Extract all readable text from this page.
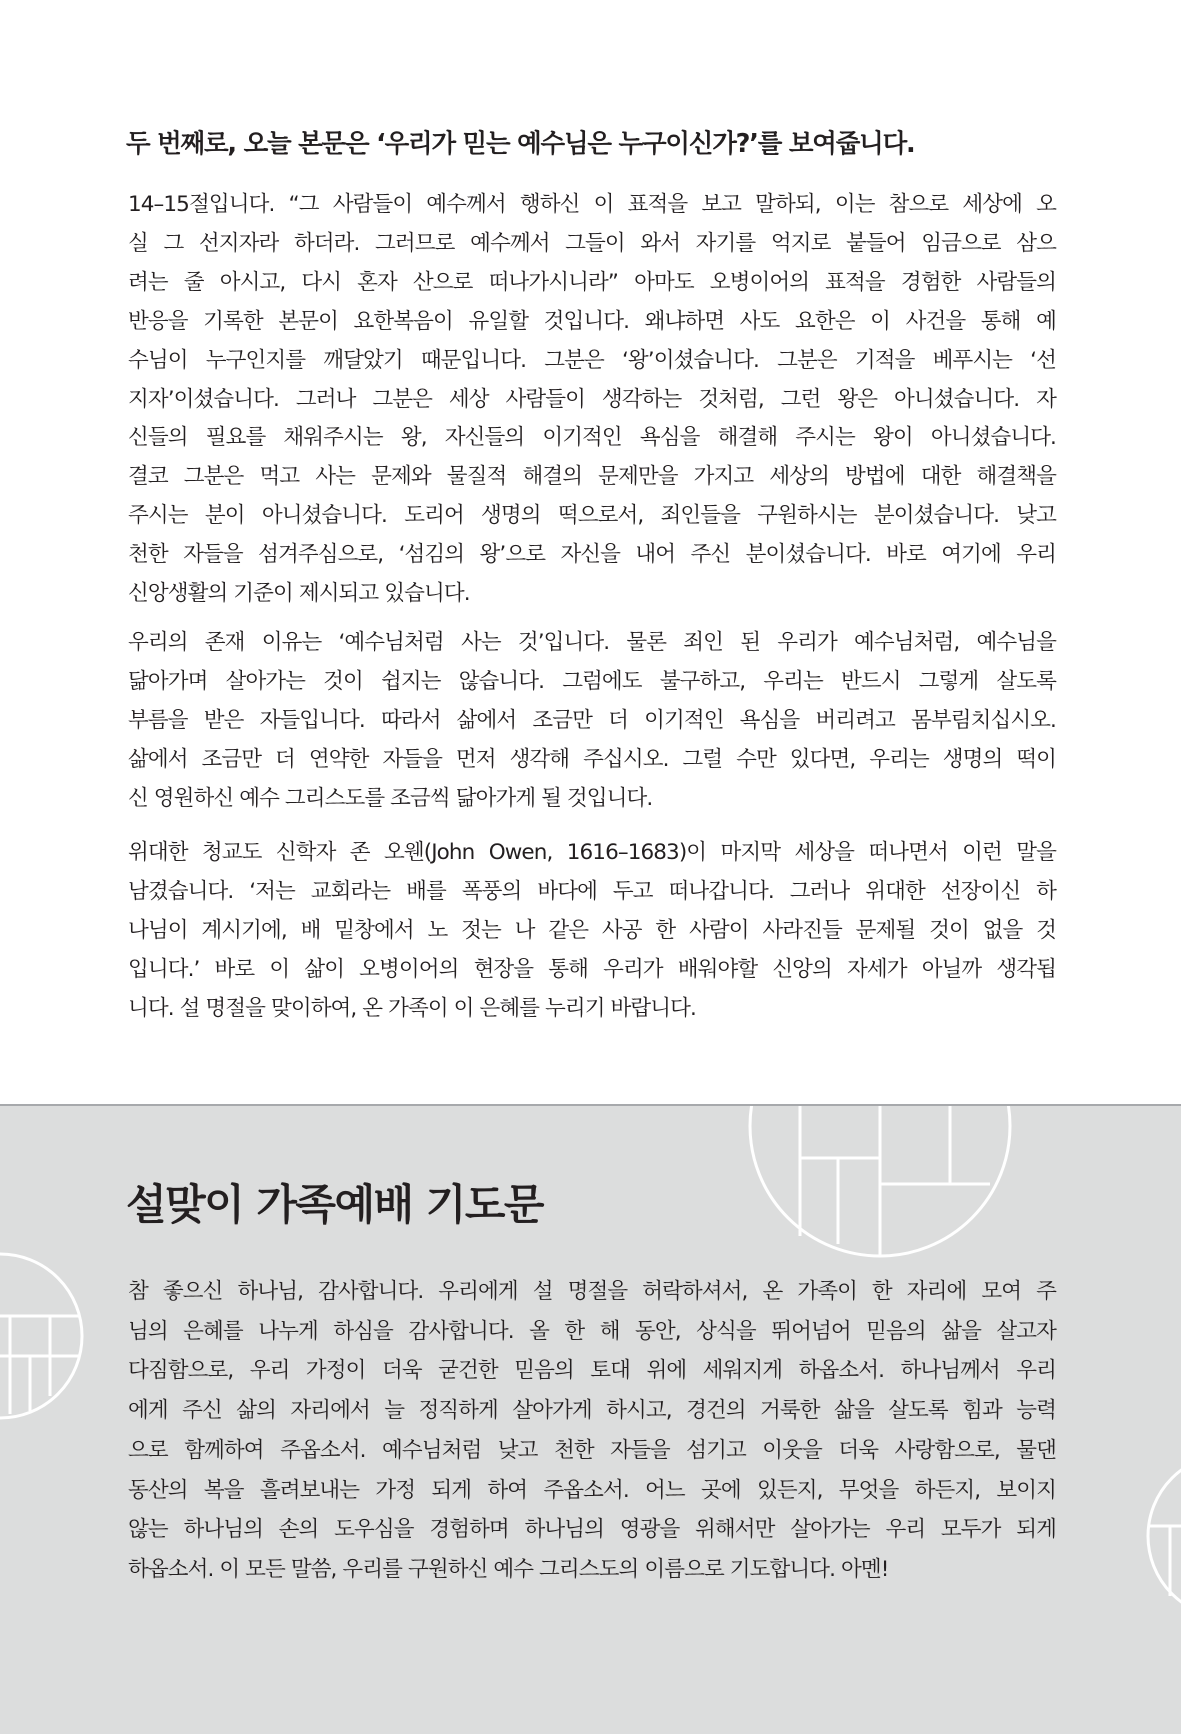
두 번째로, 오늘 본문은 ‘우리가 믿는 예수님은 누구이신가?’를 보여줍니다.

14–15절입니다. “그 사람들이 예수께서 행하신 이 표적을 보고 말하되, 이는 참으로 세상에 오
실 그 선지자라 하더라. 그러므로 예수께서 그들이 와서 자기를 억지로 붙들어 임금으로 삼으
려는 줄 아시고, 다시 혼자 산으로 떠나가시니라” 아마도 오병이어의 표적을 경험한 사람들의
반응을 기록한 본문이 요한복음이 유일할 것입니다. 왜냐하면 사도 요한은 이 사건을 통해 예
수님이 누구인지를 깨달았기 때문입니다. 그분은 ‘왕’이셨습니다. 그분은 기적을 베푸시는 ‘선
지자’이셨습니다. 그러나 그분은 세상 사람들이 생각하는 것처럼, 그런 왕은 아니셨습니다. 자
신들의 필요를 채워주시는 왕, 자신들의 이기적인 욕심을 해결해 주시는 왕이 아니셨습니다.
결코 그분은 먹고 사는 문제와 물질적 해결의 문제만을 가지고 세상의 방법에 대한 해결책을
주시는 분이 아니셨습니다. 도리어 생명의 떡으로서, 죄인들을 구원하시는 분이셨습니다. 낮고
천한 자들을 섬겨주심으로, ‘섬김의 왕’으로 자신을 내어 주신 분이셨습니다. 바로 여기에 우리
신앙생활의 기준이 제시되고 있습니다.

우리의 존재 이유는 ‘예수님처럼 사는 것’입니다. 물론 죄인 된 우리가 예수님처럼, 예수님을
닮아가며 살아가는 것이 쉽지는 않습니다. 그럼에도 불구하고, 우리는 반드시 그렇게 살도록
부름을 받은 자들입니다. 따라서 삶에서 조금만 더 이기적인 욕심을 버리려고 몸부림치십시오.
삶에서 조금만 더 연약한 자들을 먼저 생각해 주십시오. 그럴 수만 있다면, 우리는 생명의 떡이
신 영원하신 예수 그리스도를 조금씩 닮아가게 될 것입니다.

위대한 청교도 신학자 존 오웬(John Owen, 1616–1683)이 마지막 세상을 떠나면서 이런 말을
남겼습니다. ‘저는 교회라는 배를 폭풍의 바다에 두고 떠나갑니다. 그러나 위대한 선장이신 하
나님이 계시기에, 배 밑창에서 노 젓는 나 같은 사공 한 사람이 사라진들 문제될 것이 없을 것
입니다.’ 바로 이 삶이 오병이어의 현장을 통해 우리가 배워야할 신앙의 자세가 아닐까 생각됩
니다. 설 명절을 맞이하여, 온 가족이 이 은혜를 누리기 바랍니다.

설맞이 가족예배 기도문

참 좋으신 하나님, 감사합니다. 우리에게 설 명절을 허락하셔서, 온 가족이 한 자리에 모여 주
님의 은혜를 나누게 하심을 감사합니다. 올 한 해 동안, 상식을 뛰어넘어 믿음의 삶을 살고자
다짐함으로, 우리 가정이 더욱 굳건한 믿음의 토대 위에 세워지게 하옵소서. 하나님께서 우리
에게 주신 삶의 자리에서 늘 정직하게 살아가게 하시고, 경건의 거룩한 삶을 살도록 힘과 능력
으로 함께하여 주옵소서. 예수님처럼 낮고 천한 자들을 섬기고 이웃을 더욱 사랑함으로, 물댄
동산의 복을 흘려보내는 가정 되게 하여 주옵소서. 어느 곳에 있든지, 무엇을 하든지, 보이지
않는 하나님의 손의 도우심을 경험하며 하나님의 영광을 위해서만 살아가는 우리 모두가 되게
하옵소서. 이 모든 말씀, 우리를 구원하신 예수 그리스도의 이름으로 기도합니다. 아멘!
